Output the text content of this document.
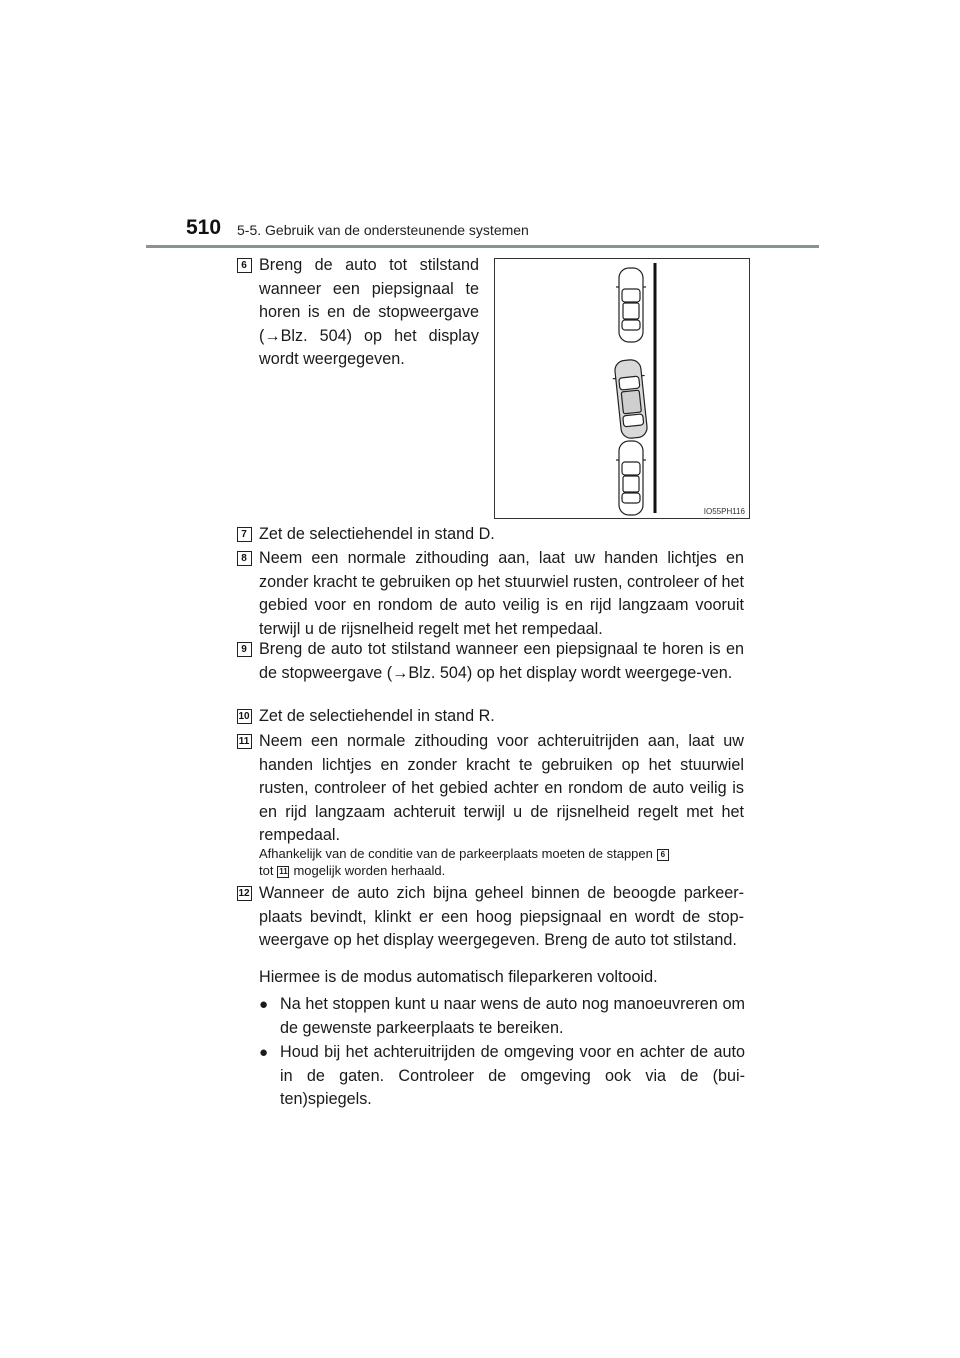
510 5-5. Gebruik van de ondersteunende systemen
6 Breng de auto tot stilstand wanneer een piepsignaal te horen is en de stopweergave (→Blz. 504) op het display wordt weergegeven.
IO55PH116
7 Zet de selectiehendel in stand D.
8 Neem een normale zithouding aan, laat uw handen lichtjes en zonder kracht te gebruiken op het stuurwiel rusten, controleer of het gebied voor en rondom de auto veilig is en rijd langzaam vooruit terwijl u de rijsnelheid regelt met het rempedaal.
9 Breng de auto tot stilstand wanneer een piepsignaal te horen is en de stopweergave (→Blz. 504) op het display wordt weergege-ven.
10 Zet de selectiehendel in stand R.
11 Neem een normale zithouding voor achteruitrijden aan, laat uw handen lichtjes en zonder kracht te gebruiken op het stuurwiel rusten, controleer of het gebied achter en rondom de auto veilig is en rijd langzaam achteruit terwijl u de rijsnelheid regelt met het rempedaal.
Afhankelijk van de conditie van de parkeerplaats moeten de stappen 6
tot 11 mogelijk worden herhaald.
12 Wanneer de auto zich bijna geheel binnen de beoogde parkeer-plaats bevindt, klinkt er een hoog piepsignaal en wordt de stop-weergave op het display weergegeven. Breng de auto tot stilstand.
Hiermee is de modus automatisch fileparkeren voltooid.
● Na het stoppen kunt u naar wens de auto nog manoeuvreren om de gewenste parkeerplaats te bereiken.
● Houd bij het achteruitrijden de omgeving voor en achter de auto in de gaten. Controleer de omgeving ook via de (bui-ten)spiegels.
